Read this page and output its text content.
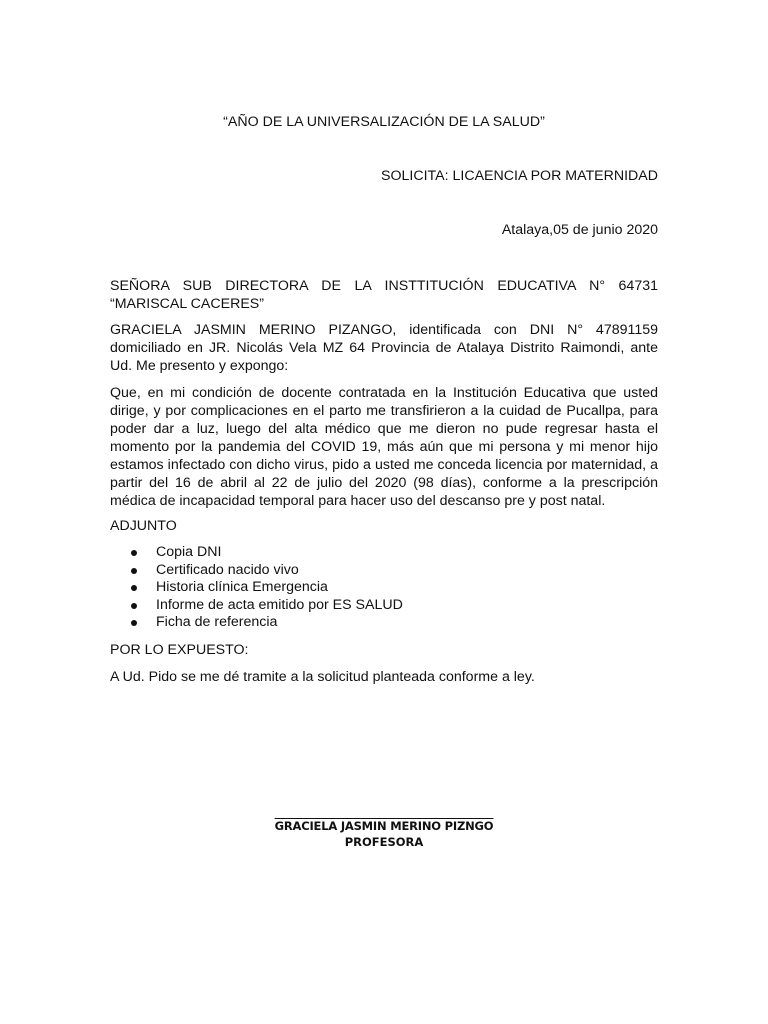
“AÑO DE LA UNIVERSALIZACIÓN DE LA SALUD”

SOLICITA: LICAENCIA POR MATERNIDAD

Atalaya,05 de junio 2020

SEÑORA SUB DIRECTORA DE LA INSTTITUCIÓN EDUCATIVA N° 64731
“MARISCAL CACERES”
GRACIELA JASMIN MERINO PIZANGO, identificada con DNI N° 47891159
domiciliado en JR. Nicolás Vela MZ 64 Provincia de Atalaya Distrito Raimondi, ante
Ud. Me presento y expongo:
Que, en mi condición de docente contratada en la Institución Educativa que usted
dirige, y por complicaciones en el parto me transfirieron a la cuidad de Pucallpa, para
poder dar a luz, luego del alta médico que me dieron no pude regresar hasta el
momento por la pandemia del COVID 19, más aún que mi persona y mi menor hijo
estamos infectado con dicho virus, pido a usted me conceda licencia por maternidad, a
partir del 16 de abril al 22 de julio del 2020 (98 días), conforme a la prescripción
médica de incapacidad temporal para hacer uso del descanso pre y post natal.

ADJUNTO

Copia DNI
Certificado nacido vivo
Historia clínica Emergencia
Informe de acta emitido por ES SALUD
Ficha de referencia

POR LO EXPUESTO:

A Ud. Pido se me dé tramite a la solicitud planteada conforme a ley.

GRACIELA JASMIN MERINO PIZNGO
PROFESORA
